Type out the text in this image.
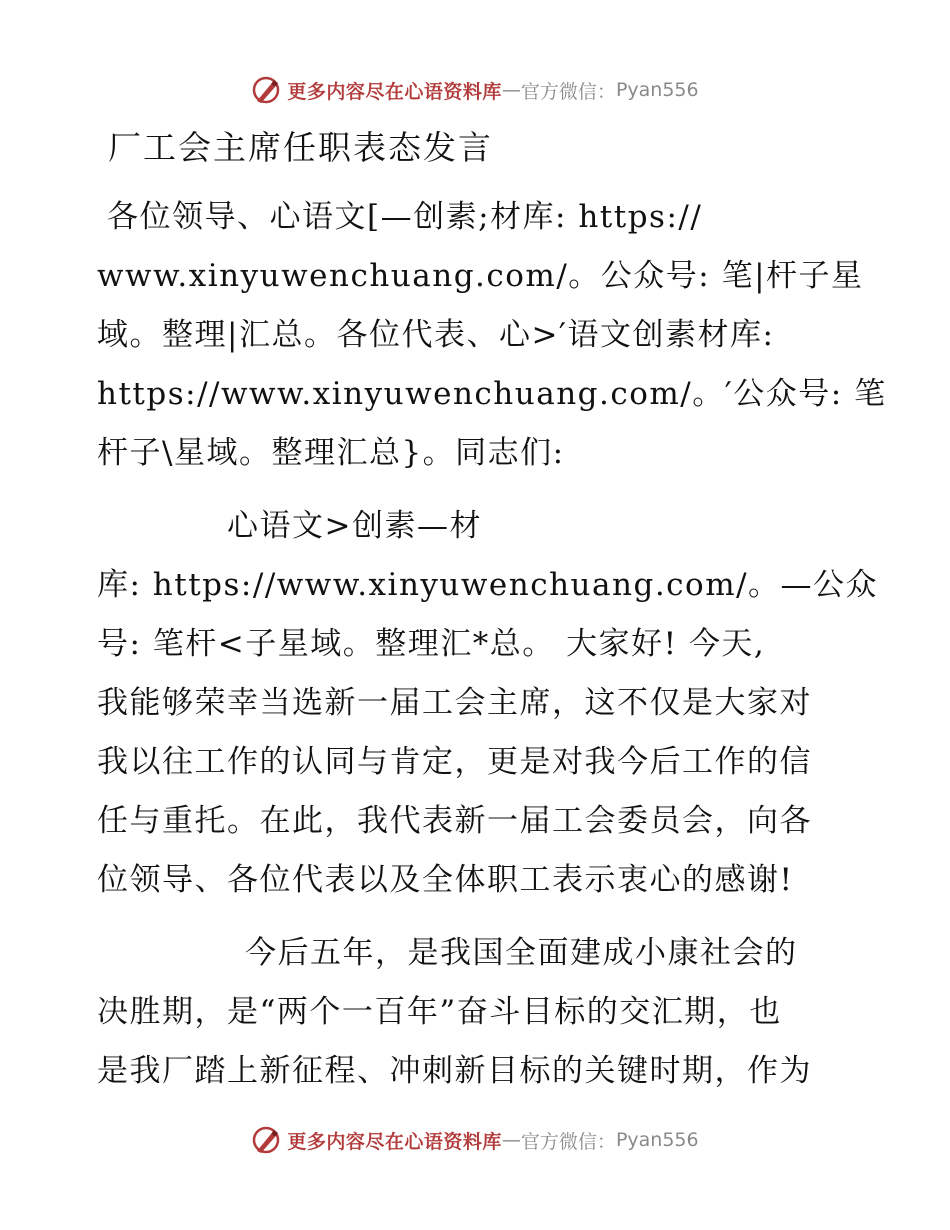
更多内容尽在心语资料库 — 官方微信： Pyan556
厂工会主席任职表态发言
各位领导、心语文[—创素;材库: https://
www.xinyuwenchuang.com/。公众号: 笔|杆子星
域。整理|汇总。各位代表、心>′语文创素材库:
https://www.xinyuwenchuang.com/。′公众号: 笔
杆子\星域。整理汇总}。同志们:
心语文>创素—材
库: https://www.xinyuwenchuang.com/。—公众
号: 笔杆<子星域。整理汇*总。 大家好! 今天,
我能够荣幸当选新一届工会主席，这不仅是大家对
我以往工作的认同与肯定，更是对我今后工作的信
任与重托。在此，我代表新一届工会委员会，向各
位领导、各位代表以及全体职工表示衷心的感谢!
今后五年，是我国全面建成小康社会的
决胜期，是“两个一百年”奋斗目标的交汇期，也
是我厂踏上新征程、冲刺新目标的关键时期，作为
更多内容尽在心语资料库 — 官方微信： Pyan556
